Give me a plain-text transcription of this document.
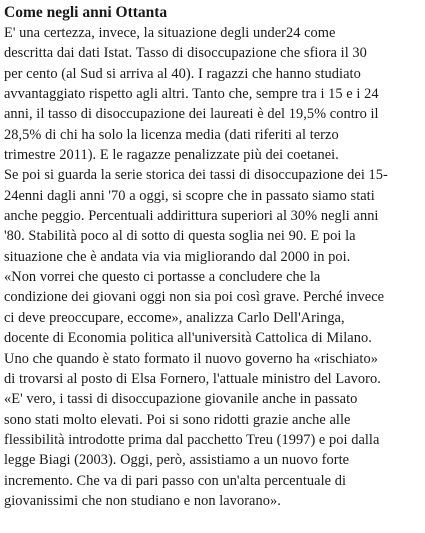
Come negli anni Ottanta
E' una certezza, invece, la situazione degli under24 come
descritta dai dati Istat. Tasso di disoccupazione che sfiora il 30
per cento (al Sud si arriva al 40). I ragazzi che hanno studiato
avvantaggiato rispetto agli altri. Tanto che, sempre tra i 15 e i 24
anni, il tasso di disoccupazione dei laureati è del 19,5% contro il
28,5% di chi ha solo la licenza media (dati riferiti al terzo
trimestre 2011). E le ragazze penalizzate più dei coetanei.
Se poi si guarda la serie storica dei tassi di disoccupazione dei 15-
24enni dagli anni '70 a oggi, si scopre che in passato siamo stati
anche peggio. Percentuali addirittura superiori al 30% negli anni
'80. Stabilità poco al di sotto di questa soglia nei 90. E poi la
situazione che è andata via via migliorando dal 2000 in poi.
«Non vorrei che questo ci portasse a concludere che la
condizione dei giovani oggi non sia poi così grave. Perché invece
ci deve preoccupare, eccome», analizza Carlo Dell'Aringa,
docente di Economia politica all'università Cattolica di Milano.
Uno che quando è stato formato il nuovo governo ha «rischiato»
di trovarsi al posto di Elsa Fornero, l'attuale ministro del Lavoro.
«E' vero, i tassi di disoccupazione giovanile anche in passato
sono stati molto elevati. Poi si sono ridotti grazie anche alle
flessibilità introdotte prima dal pacchetto Treu (1997) e poi dalla
legge Biagi (2003). Oggi, però, assistiamo a un nuovo forte
incremento. Che va di pari passo con un'alta percentuale di
giovanissimi che non studiano e non lavorano».
